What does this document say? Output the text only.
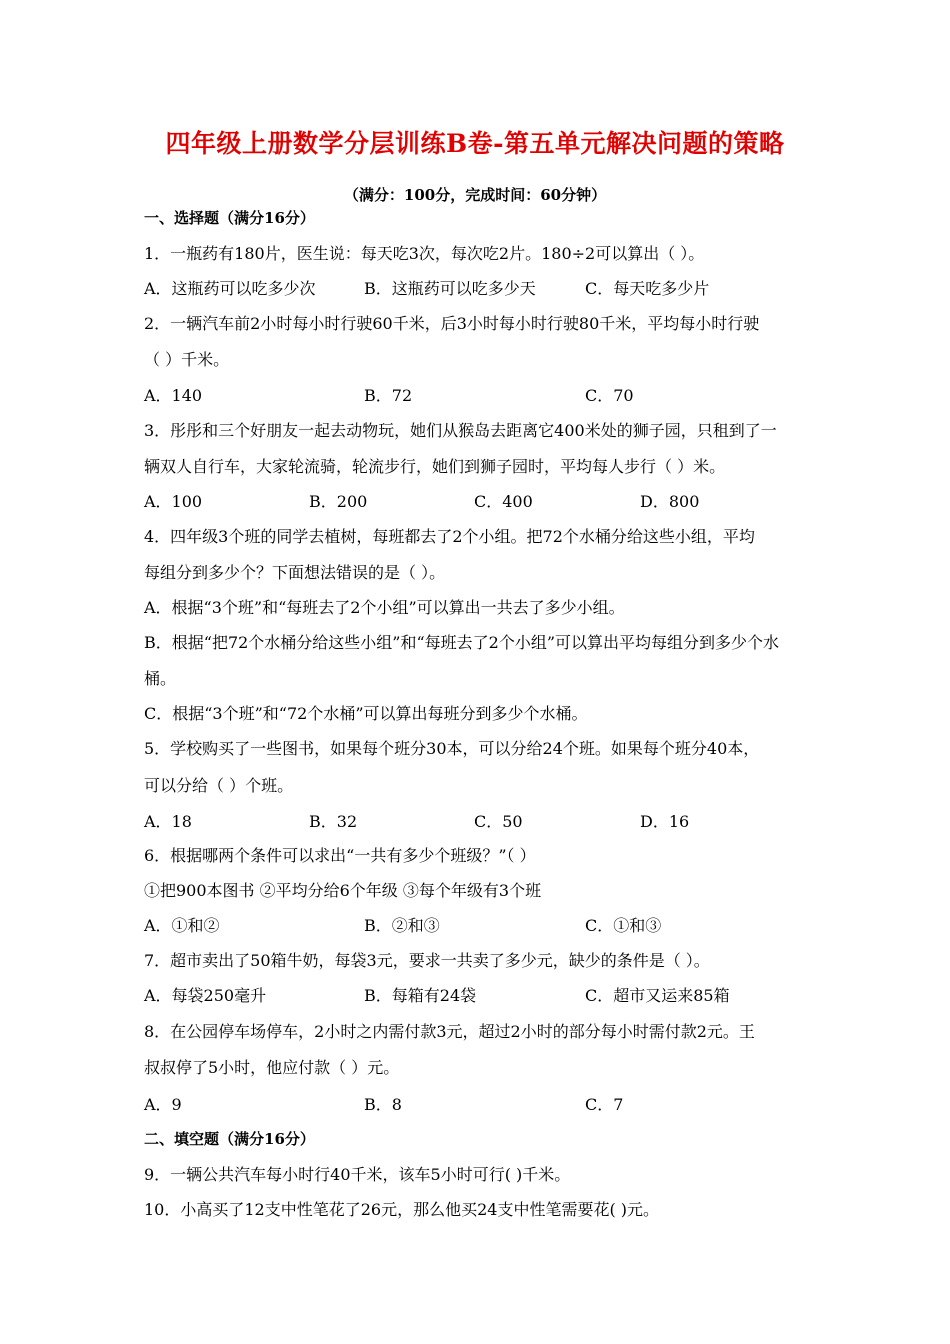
四年级上册数学分层训练B卷-第五单元解决问题的策略
（满分：100分，完成时间：60分钟）
一、选择题（满分16分）
1．一瓶药有180片，医生说：每天吃3次，每次吃2片。180÷2可以算出（ ）。
A．这瓶药可以吃多少次	B．这瓶药可以吃多少天	C．每天吃多少片
2．一辆汽车前2小时每小时行驶60千米，后3小时每小时行驶80千米，平均每小时行驶
（ ）千米。
A．140	B．72	C．70
3．彤彤和三个好朋友一起去动物玩，她们从猴岛去距离它400米处的狮子园，只租到了一
辆双人自行车，大家轮流骑，轮流步行，她们到狮子园时，平均每人步行（ ）米。
A．100	B．200	C．400	D．800
4．四年级3个班的同学去植树，每班都去了2个小组。把72个水桶分给这些小组，平均
每组分到多少个？下面想法错误的是（ ）。
A．根据“3个班”和“每班去了2个小组”可以算出一共去了多少小组。
B．根据“把72个水桶分给这些小组”和“每班去了2个小组”可以算出平均每组分到多少个水
桶。
C．根据“3个班”和“72个水桶”可以算出每班分到多少个水桶。
5．学校购买了一些图书，如果每个班分30本，可以分给24个班。如果每个班分40本，
可以分给（ ）个班。
A．18	B．32	C．50	D．16
6．根据哪两个条件可以求出“一共有多少个班级？”（ ）
①把900本图书 ②平均分给6个年级 ③每个年级有3个班
A．①和②	B．②和③	C．①和③
7．超市卖出了50箱牛奶，每袋3元，要求一共卖了多少元，缺少的条件是（ ）。
A．每袋250毫升	B．每箱有24袋	C．超市又运来85箱
8．在公园停车场停车，2小时之内需付款3元，超过2小时的部分每小时需付款2元。王
叔叔停了5小时，他应付款（ ）元。
A．9	B．8	C．7
二、填空题（满分16分）
9．一辆公共汽车每小时行40千米，该车5小时可行( )千米。
10．小高买了12支中性笔花了26元，那么他买24支中性笔需要花( )元。
